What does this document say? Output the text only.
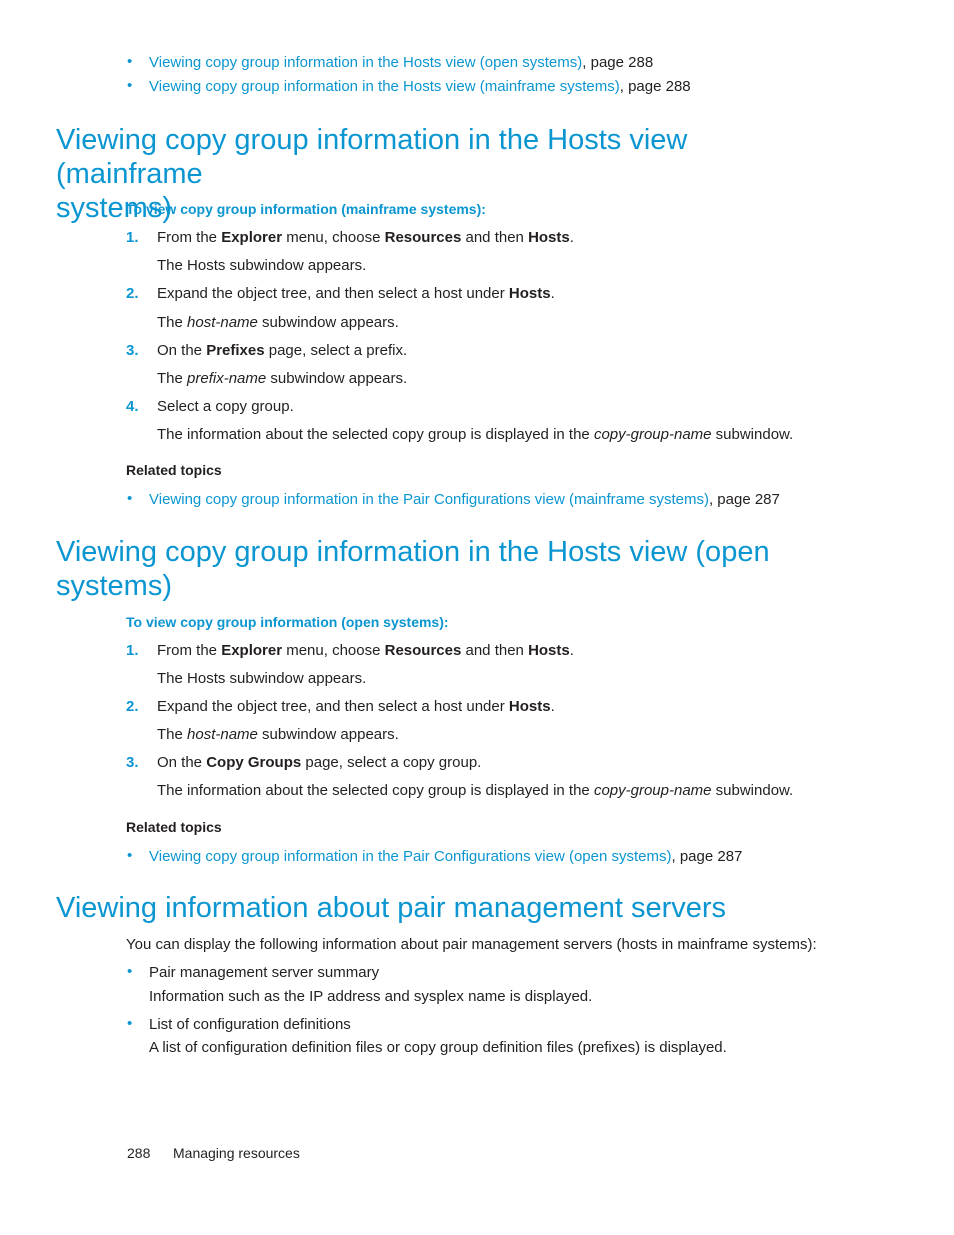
• Viewing copy group information in the Hosts view (open systems), page 288
• Viewing copy group information in the Hosts view (mainframe systems), page 288
Viewing copy group information in the Hosts view (mainframe
systems)
To view copy group information (mainframe systems):
1. From the Explorer menu, choose Resources and then Hosts.
The Hosts subwindow appears.
2. Expand the object tree, and then select a host under Hosts.
The host-name subwindow appears.
3. On the Prefixes page, select a prefix.
The prefix-name subwindow appears.
4. Select a copy group.
The information about the selected copy group is displayed in the copy-group-name subwindow.
Related topics
• Viewing copy group information in the Pair Configurations view (mainframe systems), page 287
Viewing copy group information in the Hosts view (open
systems)
To view copy group information (open systems):
1. From the Explorer menu, choose Resources and then Hosts.
The Hosts subwindow appears.
2. Expand the object tree, and then select a host under Hosts.
The host-name subwindow appears.
3. On the Copy Groups page, select a copy group.
The information about the selected copy group is displayed in the copy-group-name subwindow.
Related topics
• Viewing copy group information in the Pair Configurations view (open systems), page 287
Viewing information about pair management servers
You can display the following information about pair management servers (hosts in mainframe systems):
• Pair management server summary
Information such as the IP address and sysplex name is displayed.
• List of configuration definitions
A list of configuration definition files or copy group definition files (prefixes) is displayed.
288 Managing resources
